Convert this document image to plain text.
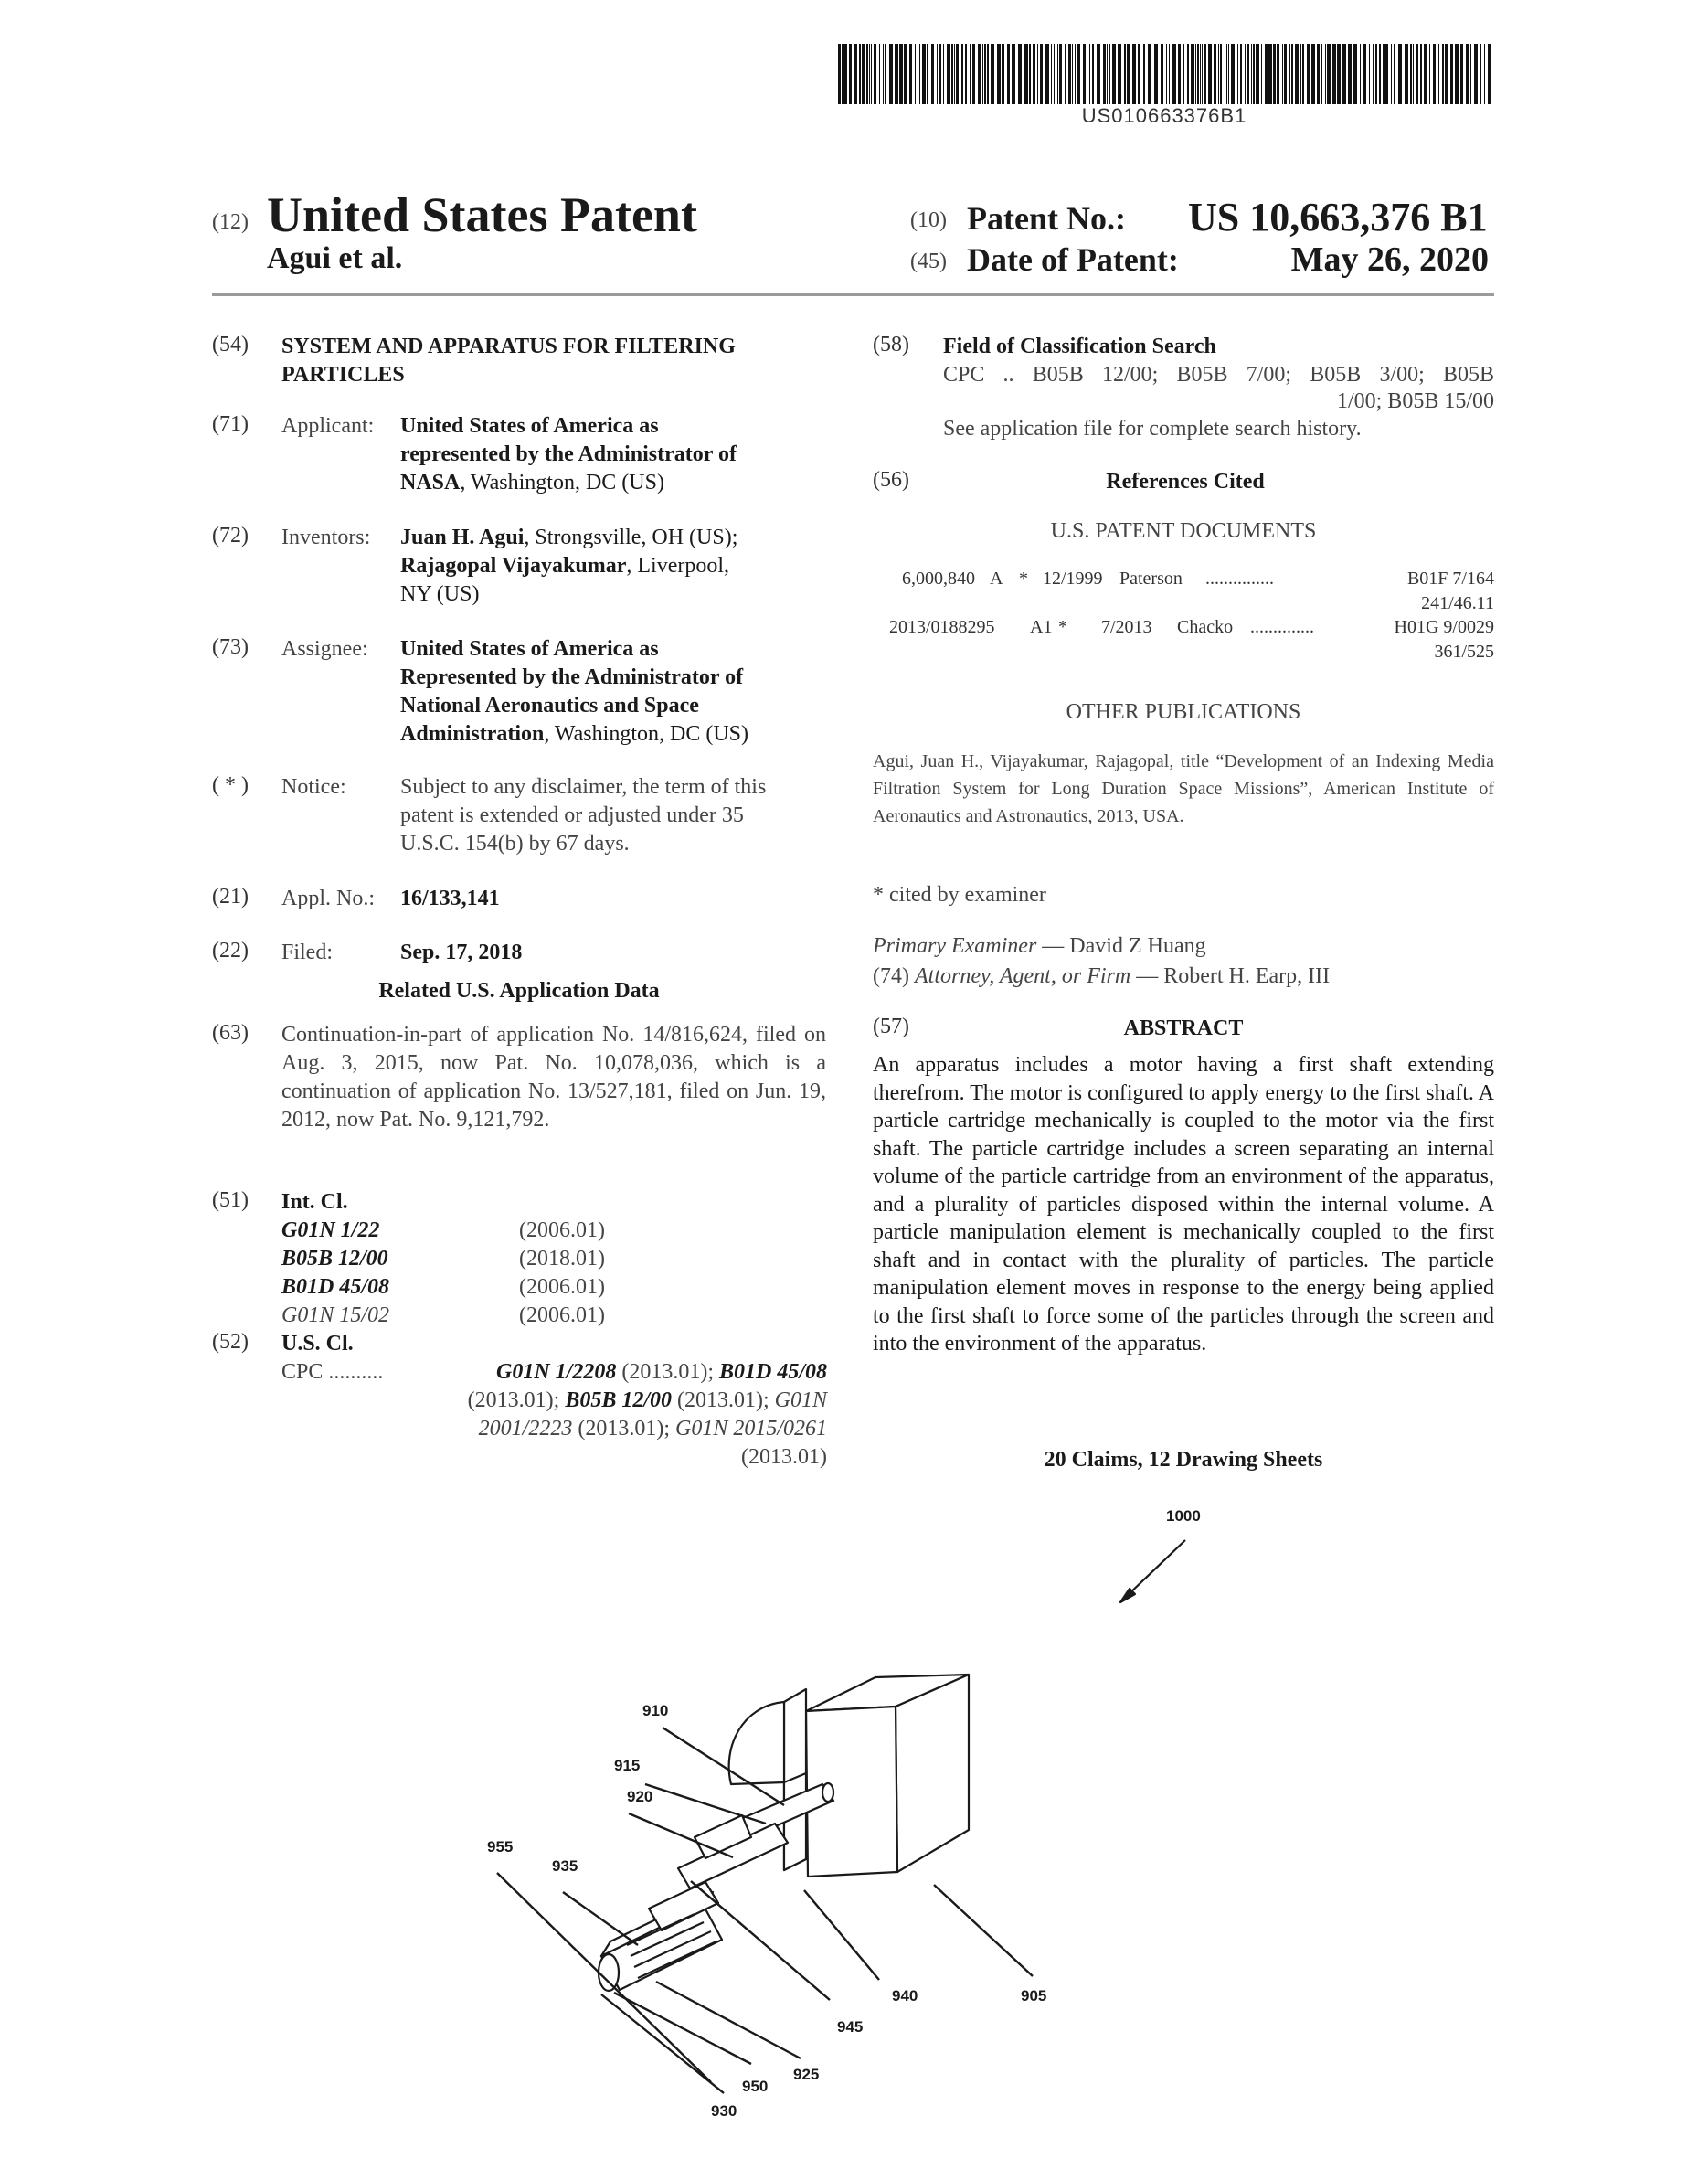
US010663376B1
(12) United States Patent
Agui et al.
(10) Patent No.: US 10,663,376 B1
(45) Date of Patent:	May 26, 2020
(54) SYSTEM AND APPARATUS FOR FILTERING
PARTICLES
(71) Applicant: United States of America as
represented by the Administrator of
NASA, Washington, DC (US)
(72) Inventors: Juan H. Agui, Strongsville, OH (US);
Rajagopal Vijayakumar, Liverpool,
NY (US)
(73) Assignee: United States of America as
Represented by the Administrator of
National Aeronautics and Space
Administration, Washington, DC (US)
( * ) Notice: Subject to any disclaimer, the term of this
patent is extended or adjusted under 35
U.S.C. 154(b) by 67 days.
(21) Appl. No.: 16/133,141
(22) Filed:	Sep. 17, 2018
Related U.S. Application Data
(63) Continuation-in-part of application No. 14/816,624, filed on Aug. 3, 2015, now Pat. No. 10,078,036, which is a continuation of application No. 13/527,181, filed on Jun. 19, 2012, now Pat. No. 9,121,792.
(51) Int. Cl.
G01N 1/22	(2006.01)
B05B 12/00	(2018.01)
B01D 45/08	(2006.01)
G01N 15/02	(2006.01)
(52) U.S. Cl.
CPC ..........	G01N 1/2208 (2013.01); B01D 45/08
(2013.01); B05B 12/00 (2013.01); G01N
2001/2223 (2013.01); G01N 2015/0261
(2013.01)
(58) Field of Classification Search
CPC .. B05B 12/00; B05B 7/00; B05B 3/00; B05B
1/00; B05B 15/00
See application file for complete search history.
(56)	References Cited
U.S. PATENT DOCUMENTS
6,000,840 A * 12/1999 Paterson ...............	B01F 7/164
241/46.11
2013/0188295 A1 * 7/2013 Chacko ..............	H01G 9/0029
361/525
OTHER PUBLICATIONS
Agui, Juan H., Vijayakumar, Rajagopal, title “Development of an Indexing Media Filtration System for Long Duration Space Missions”, American Institute of Aeronautics and Astronautics, 2013, USA.
* cited by examiner
Primary Examiner — David Z Huang
(74) Attorney, Agent, or Firm — Robert H. Earp, III
(57)	ABSTRACT
An apparatus includes a motor having a first shaft extending therefrom. The motor is configured to apply energy to the first shaft. A particle cartridge mechanically is coupled to the motor via the first shaft. The particle cartridge includes a screen separating an internal volume of the particle cartridge from an environment of the apparatus, and a plurality of particles disposed within the internal volume. A particle manipulation element is mechanically coupled to the first shaft and in contact with the plurality of particles. The particle manipulation element moves in response to the energy being applied to the first shaft to force some of the particles through the screen and into the environment of the apparatus.
20 Claims, 12 Drawing Sheets
1000
910
915
920
955
935
940	905
945
925
950
930
